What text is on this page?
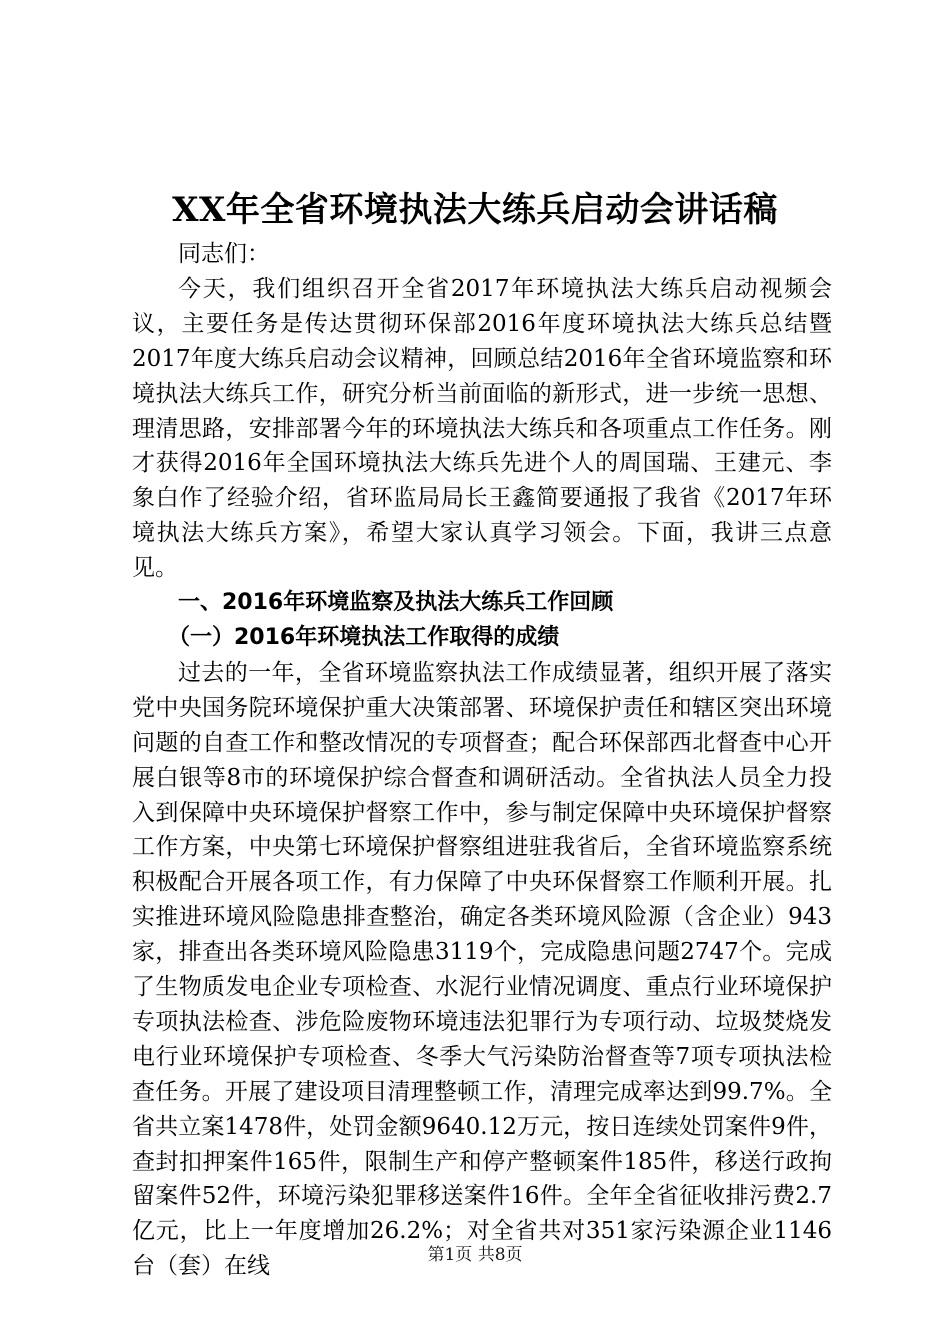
XX年全省环境执法大练兵启动会讲话稿

同志们：

今天，我们组织召开全省2017年环境执法大练兵启动视频会议，主要任务是传达贯彻环保部2016年度环境执法大练兵总结暨2017年度大练兵启动会议精神，回顾总结2016年全省环境监察和环境执法大练兵工作，研究分析当前面临的新形式，进一步统一思想、理清思路，安排部署今年的环境执法大练兵和各项重点工作任务。刚才获得2016年全国环境执法大练兵先进个人的周国瑞、王建元、李象白作了经验介绍，省环监局局长王鑫简要通报了我省《2017年环境执法大练兵方案》，希望大家认真学习领会。下面，我讲三点意见。

一、2016年环境监察及执法大练兵工作回顾

（一）2016年环境执法工作取得的成绩

过去的一年，全省环境监察执法工作成绩显著，组织开展了落实党中央国务院环境保护重大决策部署、环境保护责任和辖区突出环境问题的自查工作和整改情况的专项督查；配合环保部西北督查中心开展白银等8市的环境保护综合督查和调研活动。全省执法人员全力投入到保障中央环境保护督察工作中，参与制定保障中央环境保护督察工作方案，中央第七环境保护督察组进驻我省后，全省环境监察系统积极配合开展各项工作，有力保障了中央环保督察工作顺利开展。扎实推进环境风险隐患排查整治，确定各类环境风险源（含企业）943家，排查出各类环境风险隐患3119个，完成隐患问题2747个。完成了生物质发电企业专项检查、水泥行业情况调度、重点行业环境保护专项执法检查、涉危险废物环境违法犯罪行为专项行动、垃圾焚烧发电行业环境保护专项检查、冬季大气污染防治督查等7项专项执法检查任务。开展了建设项目清理整顿工作，清理完成率达到99.7%。全省共立案1478件，处罚金额9640.12万元，按日连续处罚案件9件，查封扣押案件165件，限制生产和停产整顿案件185件，移送行政拘留案件52件，环境污染犯罪移送案件16件。全年全省征收排污费2.7亿元，比上一年度增加26.2%；对全省共对351家污染源企业1146台（套）在线	第1页 共8页
